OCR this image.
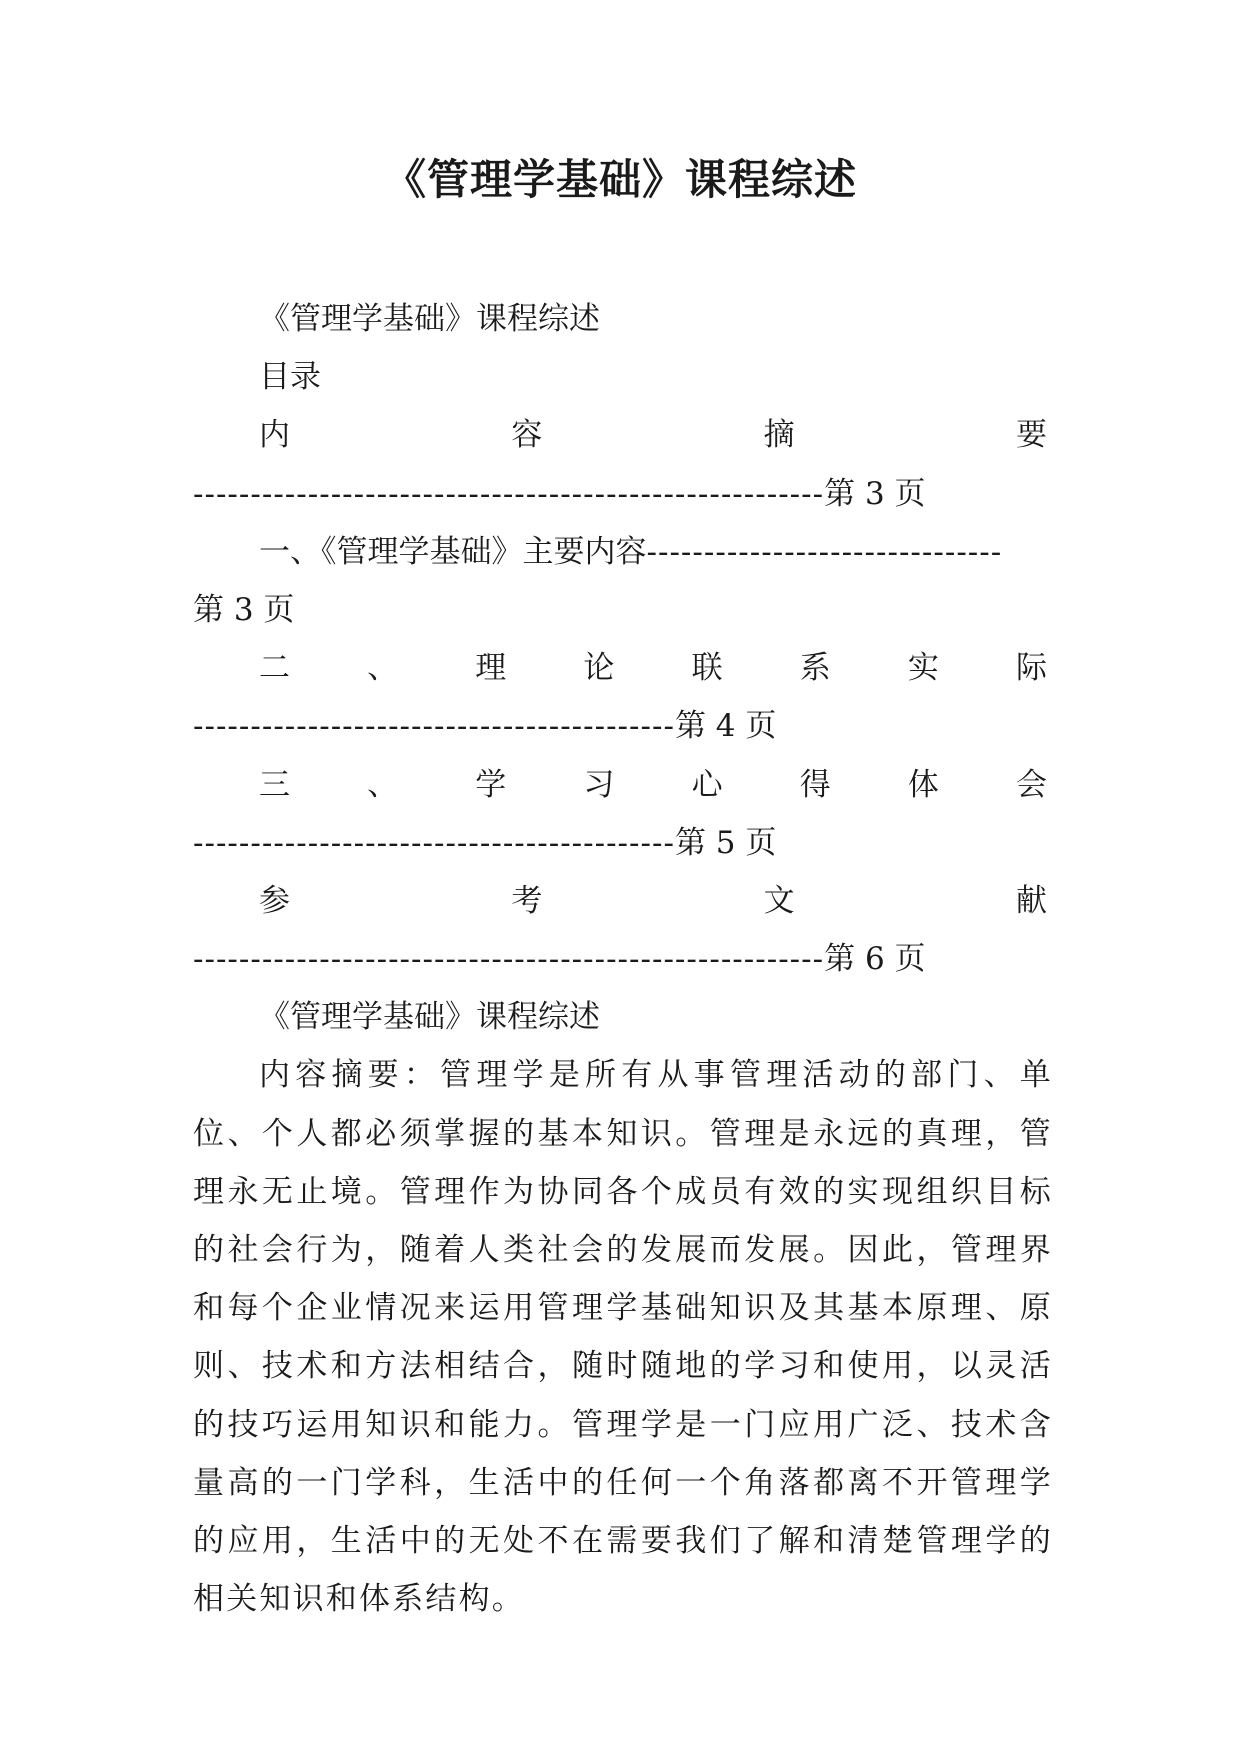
《管理学基础》课程综述
《管理学基础》课程综述
目录
内	容	摘	要
-------------------------------------------------------第 3 页
一、《管理学基础》主要内容-------------------------------
第 3 页
二 、 理 论 联 系 实 际
------------------------------------------第 4 页
三 、 学 习 心 得 体 会
------------------------------------------第 5 页
参	考	文	献
-------------------------------------------------------第 6 页
《管理学基础》课程综述
内容摘要：管理学是所有从事管理活动的部门、单位、个人都必须掌握的基本知识。管理是永远的真理，管理永无止境。管理作为协同各个成员有效的实现组织目标的社会行为，随着人类社会的发展而发展。因此，管理界和每个企业情况来运用管理学基础知识及其基本原理、原则、技术和方法相结合，随时随地的学习和使用，以灵活的技巧运用知识和能力。管理学是一门应用广泛、技术含量高的一门学科，生活中的任何一个角落都离不开管理学的应用，生活中的无处不在需要我们了解和清楚管理学的相关知识和体系结构。
